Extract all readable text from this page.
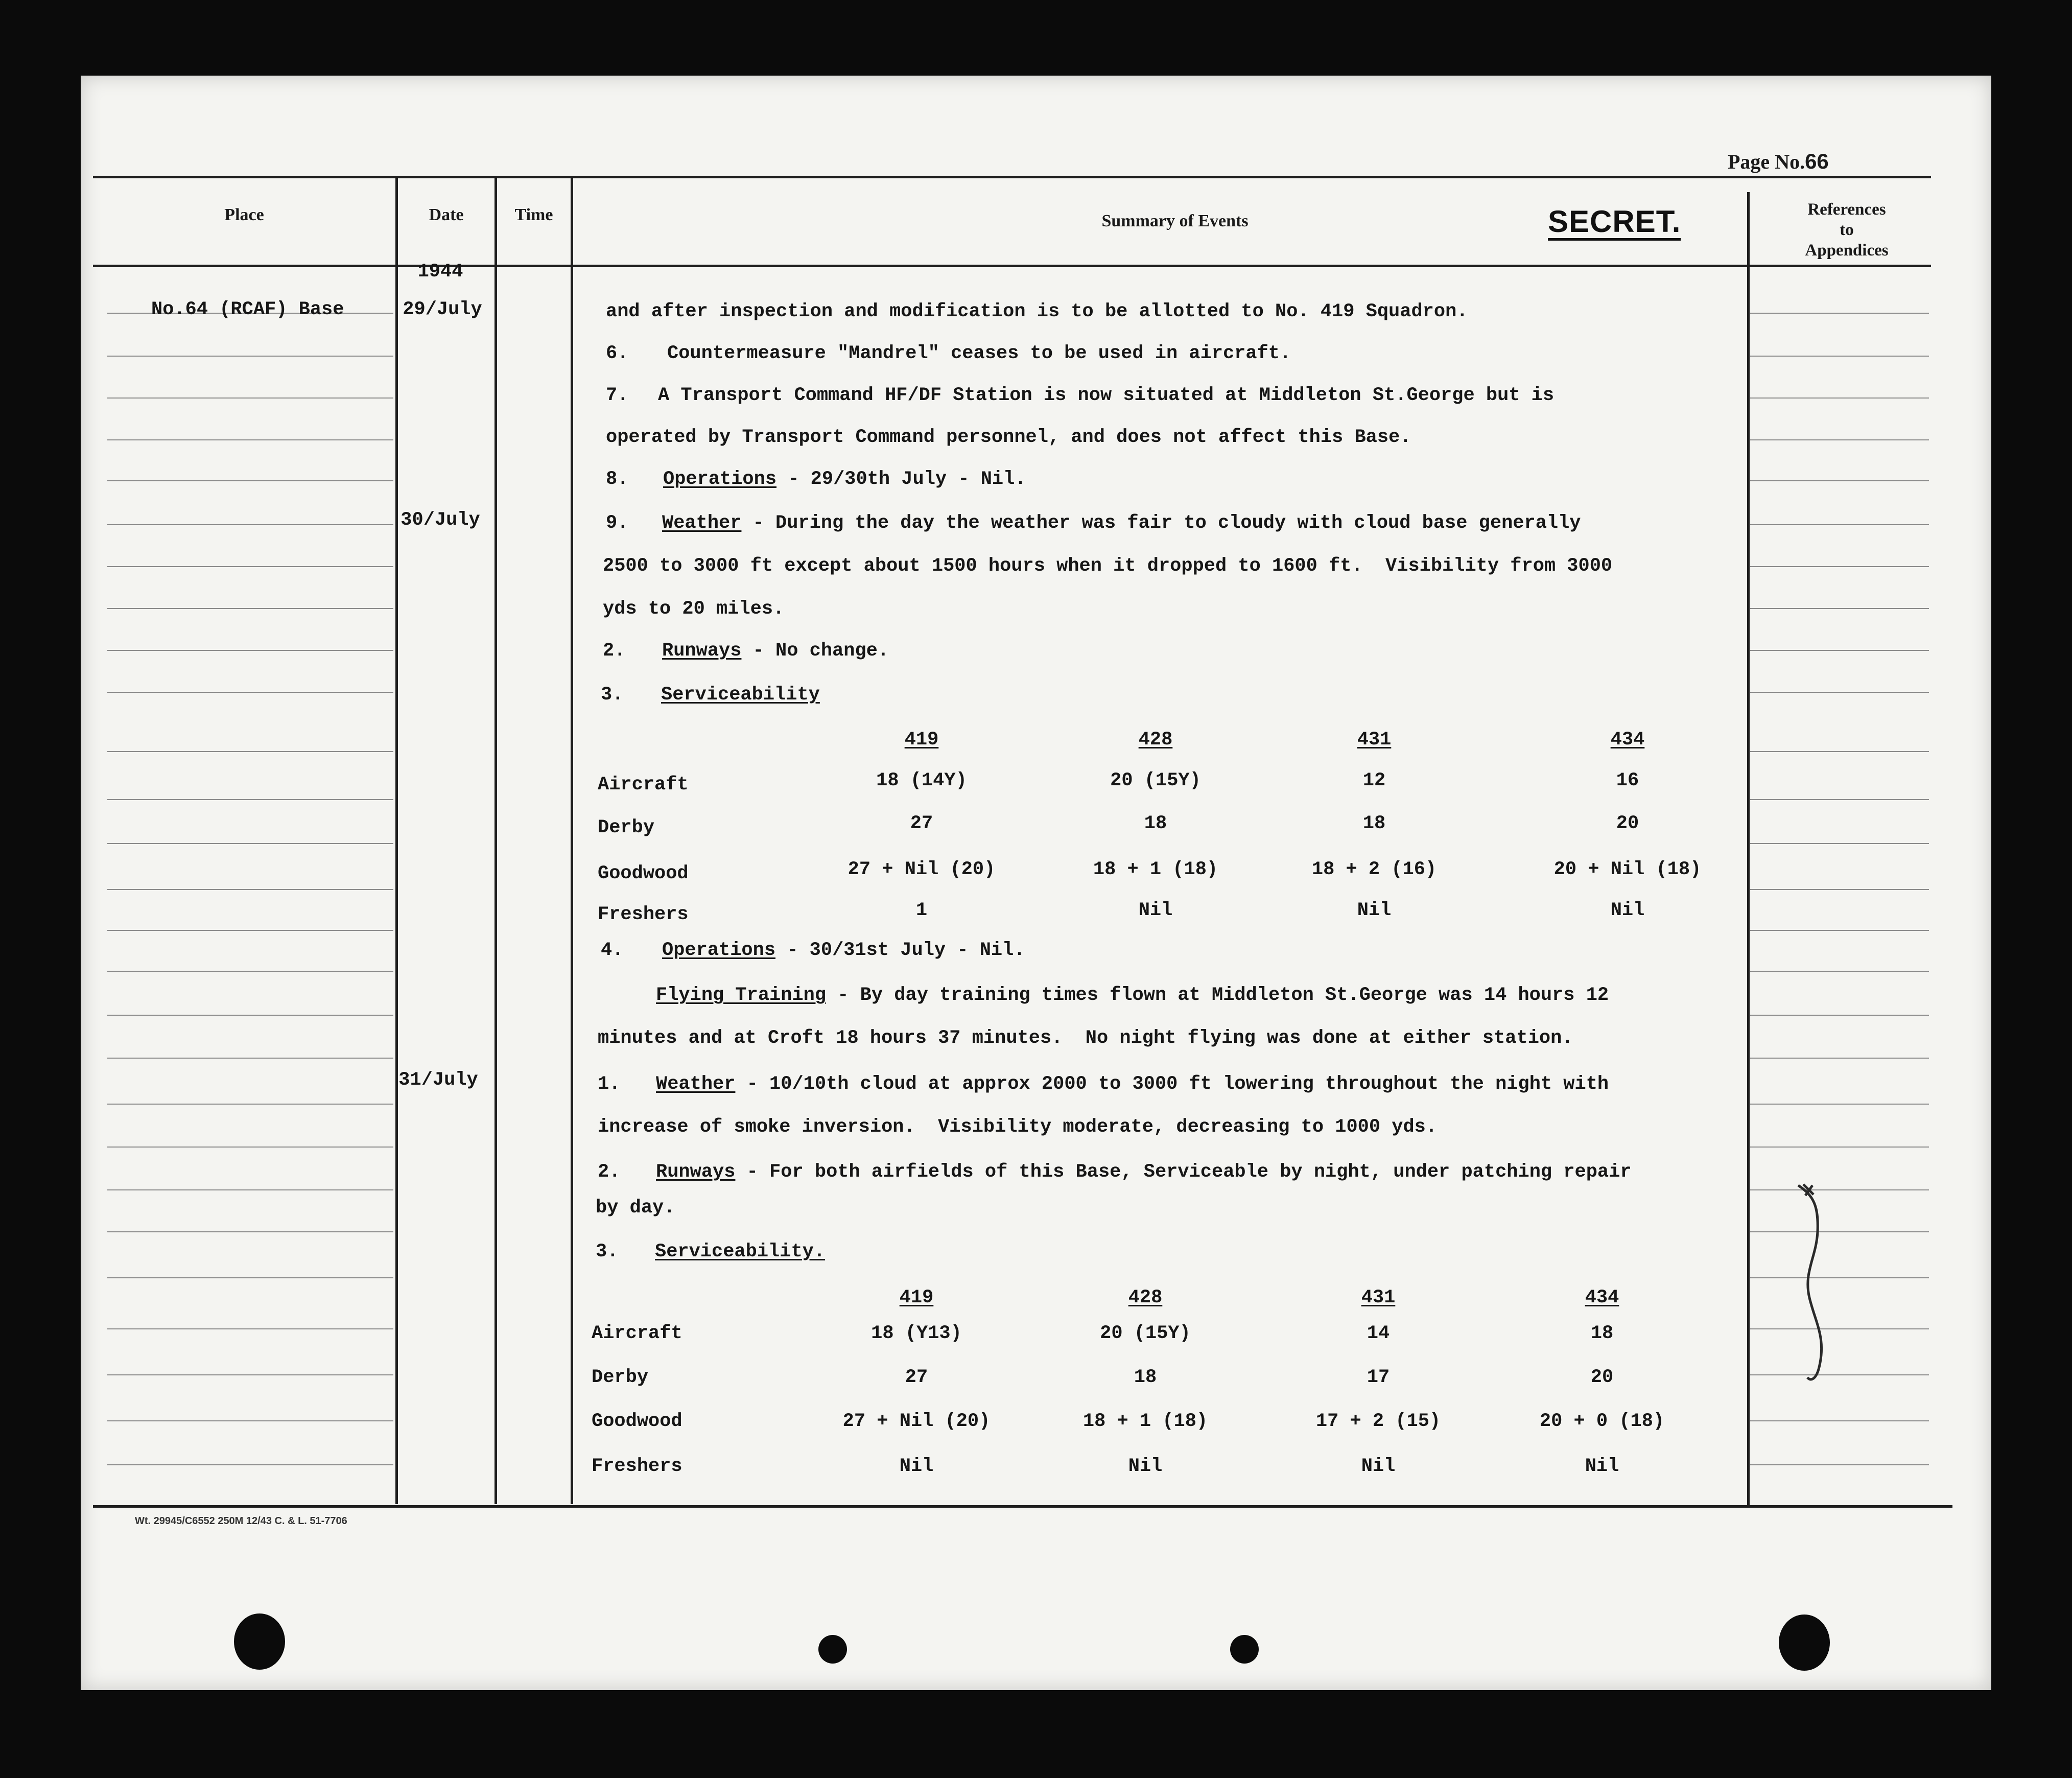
Page No.66
Place	Date	Time	Summary of Events
References
to
Appendices
SECRET.
1944
No.64 (RCAF) Base	29/July
30/July
31/July
and after inspection and modification is to be allotted to No. 419 Squadron.
6. Countermeasure "Mandrel" ceases to be used in aircraft.
7. A Transport Command HF/DF Station is now situated at Middleton St.George but is
operated by Transport Command personnel, and does not affect this Base.
8. Operations - 29/30th July - Nil.
9. Weather - During the day the weather was fair to cloudy with cloud base generally
2500 to 3000 ft except about 1500 hours when it dropped to 1600 ft.  Visibility from 3000
yds to 20 miles.
2. Runways - No change.
3. Serviceability
419	428	431	434
Aircraft	18 (14Y)	20 (15Y)	12	16
Derby	27	18	18	20
Goodwood	27 + Nil (20)	18 + 1 (18)	18 + 2 (16)	20 + Nil (18)
Freshers	1	Nil	Nil	Nil
4. Operations - 30/31st July - Nil.
Flying Training - By day training times flown at Middleton St.George was 14 hours 12
minutes and at Croft 18 hours 37 minutes.  No night flying was done at either station.
1. Weather - 10/10th cloud at approx 2000 to 3000 ft lowering throughout the night with
increase of smoke inversion.  Visibility moderate, decreasing to 1000 yds.
2. Runways - For both airfields of this Base, Serviceable by night, under patching repair
by day.
3. Serviceability.
419	428	431	434
Aircraft	18 (Y13)	20 (15Y)	14	18
Derby	27	18	17	20
Goodwood	27 + Nil (20)	18 + 1 (18)	17 + 2 (15)	20 + 0 (18)
Freshers	Nil	Nil	Nil	Nil
Wt. 29945/C6552 250M 12/43 C. & L. 51-7706
